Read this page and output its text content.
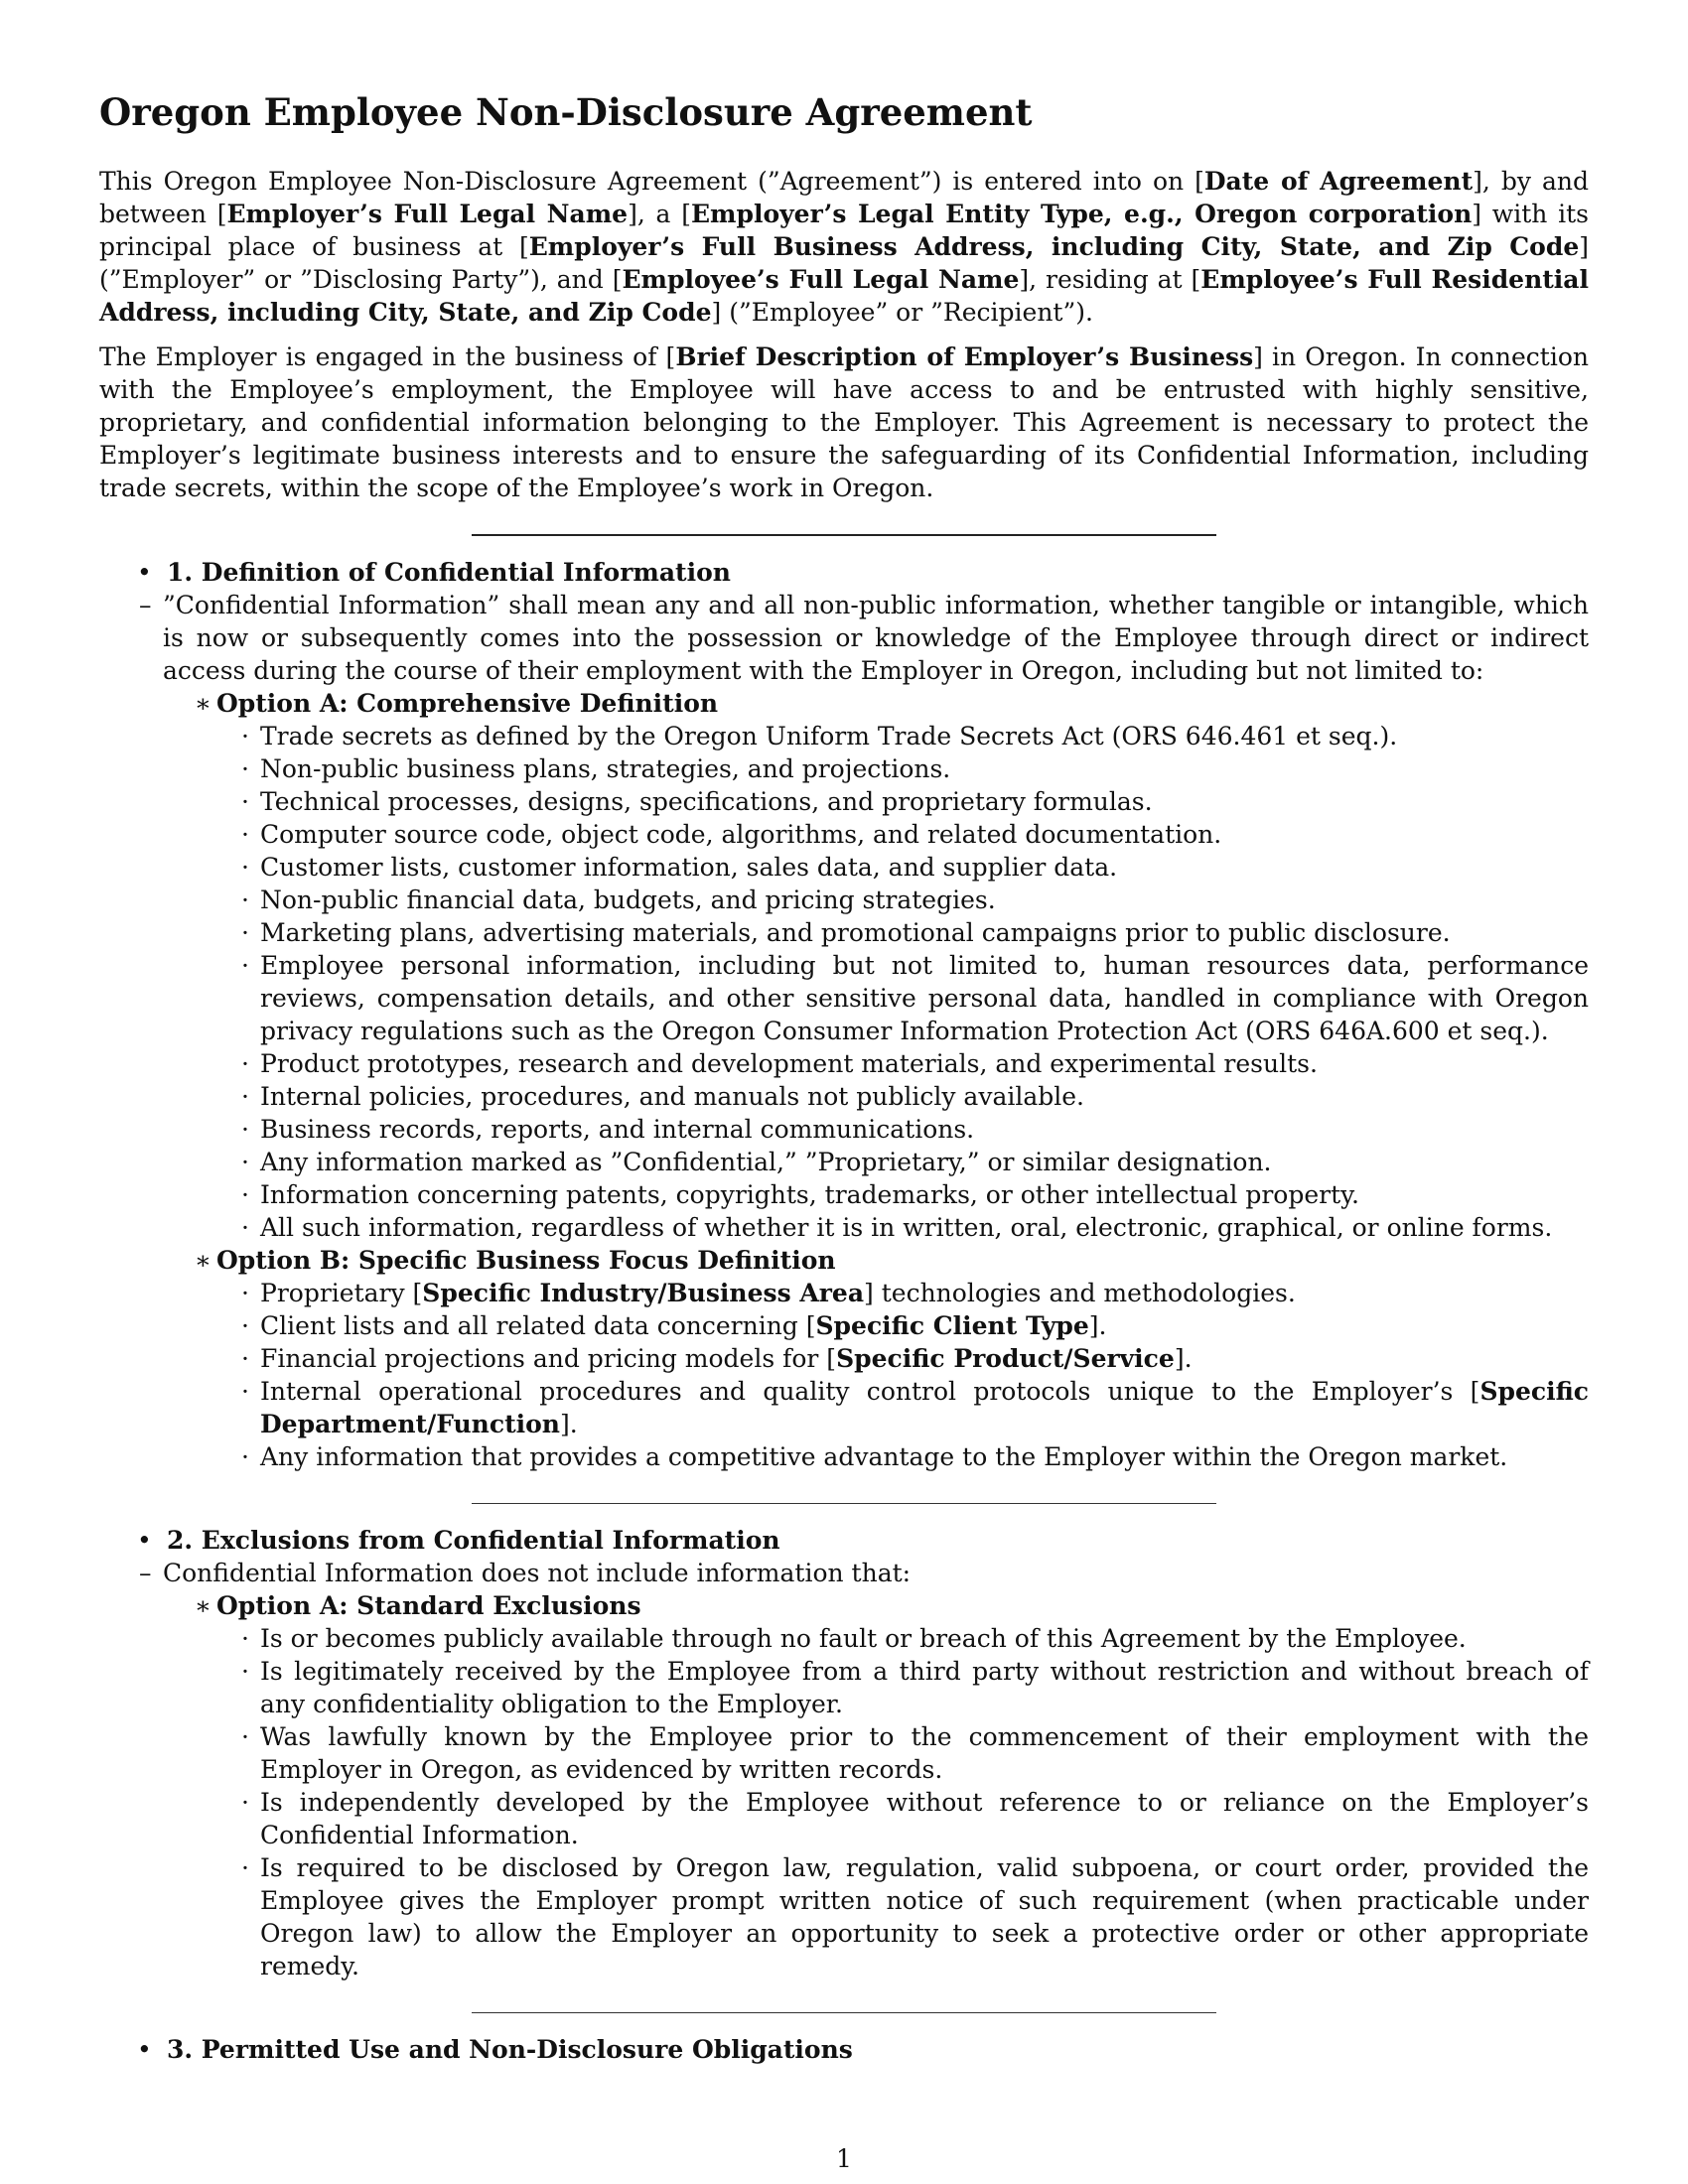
Oregon Employee Non-Disclosure Agreement

This Oregon Employee Non-Disclosure Agreement (”Agreement”) is entered into on [Date of Agreement], by and between [Employer’s Full Legal Name], a [Employer’s Legal Entity Type, e.g., Oregon corporation] with its principal place of business at [Employer’s Full Business Address, including City, State, and Zip Code] (”Employer” or ”Disclosing Party”), and [Employee’s Full Legal Name], residing at [Employee’s Full Residential Address, including City, State, and Zip Code] (”Employee” or ”Recipient”).

The Employer is engaged in the business of [Brief Description of Employer’s Business] in Oregon. In connection with the Employee’s employment, the Employee will have access to and be entrusted with highly sensitive, proprietary, and confidential information belonging to the Employer. This Agreement is necessary to protect the Employer’s legitimate business interests and to ensure the safeguarding of its Confidential Information, including trade secrets, within the scope of the Employee’s work in Oregon.

• 1. Definition of Confidential Information
– ”Confidential Information” shall mean any and all non-public information, whether tangible or intangible, which is now or subsequently comes into the possession or knowledge of the Employee through direct or indirect access during the course of their employment with the Employer in Oregon, including but not limited to:
∗ Option A: Comprehensive Definition
· Trade secrets as defined by the Oregon Uniform Trade Secrets Act (ORS 646.461 et seq.).
· Non-public business plans, strategies, and projections.
· Technical processes, designs, specifications, and proprietary formulas.
· Computer source code, object code, algorithms, and related documentation.
· Customer lists, customer information, sales data, and supplier data.
· Non-public financial data, budgets, and pricing strategies.
· Marketing plans, advertising materials, and promotional campaigns prior to public disclosure.
· Employee personal information, including but not limited to, human resources data, performance reviews, compensation details, and other sensitive personal data, handled in compliance with Oregon privacy regulations such as the Oregon Consumer Information Protection Act (ORS 646A.600 et seq.).
· Product prototypes, research and development materials, and experimental results.
· Internal policies, procedures, and manuals not publicly available.
· Business records, reports, and internal communications.
· Any information marked as ”Confidential,” ”Proprietary,” or similar designation.
· Information concerning patents, copyrights, trademarks, or other intellectual property.
· All such information, regardless of whether it is in written, oral, electronic, graphical, or online forms.
∗ Option B: Specific Business Focus Definition
· Proprietary [Specific Industry/Business Area] technologies and methodologies.
· Client lists and all related data concerning [Specific Client Type].
· Financial projections and pricing models for [Specific Product/Service].
· Internal operational procedures and quality control protocols unique to the Employer’s [Specific Department/Function].
· Any information that provides a competitive advantage to the Employer within the Oregon market.
• 2. Exclusions from Confidential Information
– Confidential Information does not include information that:
∗ Option A: Standard Exclusions
· Is or becomes publicly available through no fault or breach of this Agreement by the Employee.
· Is legitimately received by the Employee from a third party without restriction and without breach of any confidentiality obligation to the Employer.
· Was lawfully known by the Employee prior to the commencement of their employment with the Employer in Oregon, as evidenced by written records.
· Is independently developed by the Employee without reference to or reliance on the Employer’s Confidential Information.
· Is required to be disclosed by Oregon law, regulation, valid subpoena, or court order, provided the Employee gives the Employer prompt written notice of such requirement (when practicable under Oregon law) to allow the Employer an opportunity to seek a protective order or other appropriate remedy.
• 3. Permitted Use and Non-Disclosure Obligations
1
